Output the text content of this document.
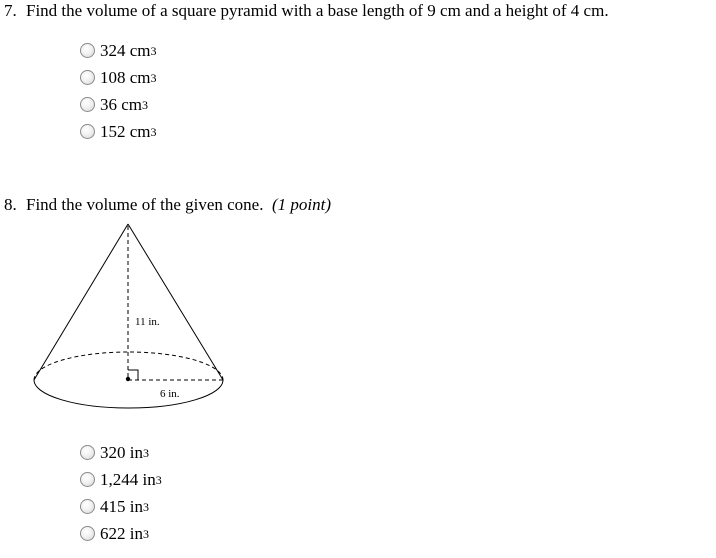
7. Find the volume of a square pyramid with a base length of 9 cm and a height of 4 cm.
324 cm 3
108 cm 3
36 cm 3
152 cm 3
8. Find the volume of the given cone. (1 point)
11 in.
6 in.
320 in 3
1,244 in 3
415 in 3
622 in 3
